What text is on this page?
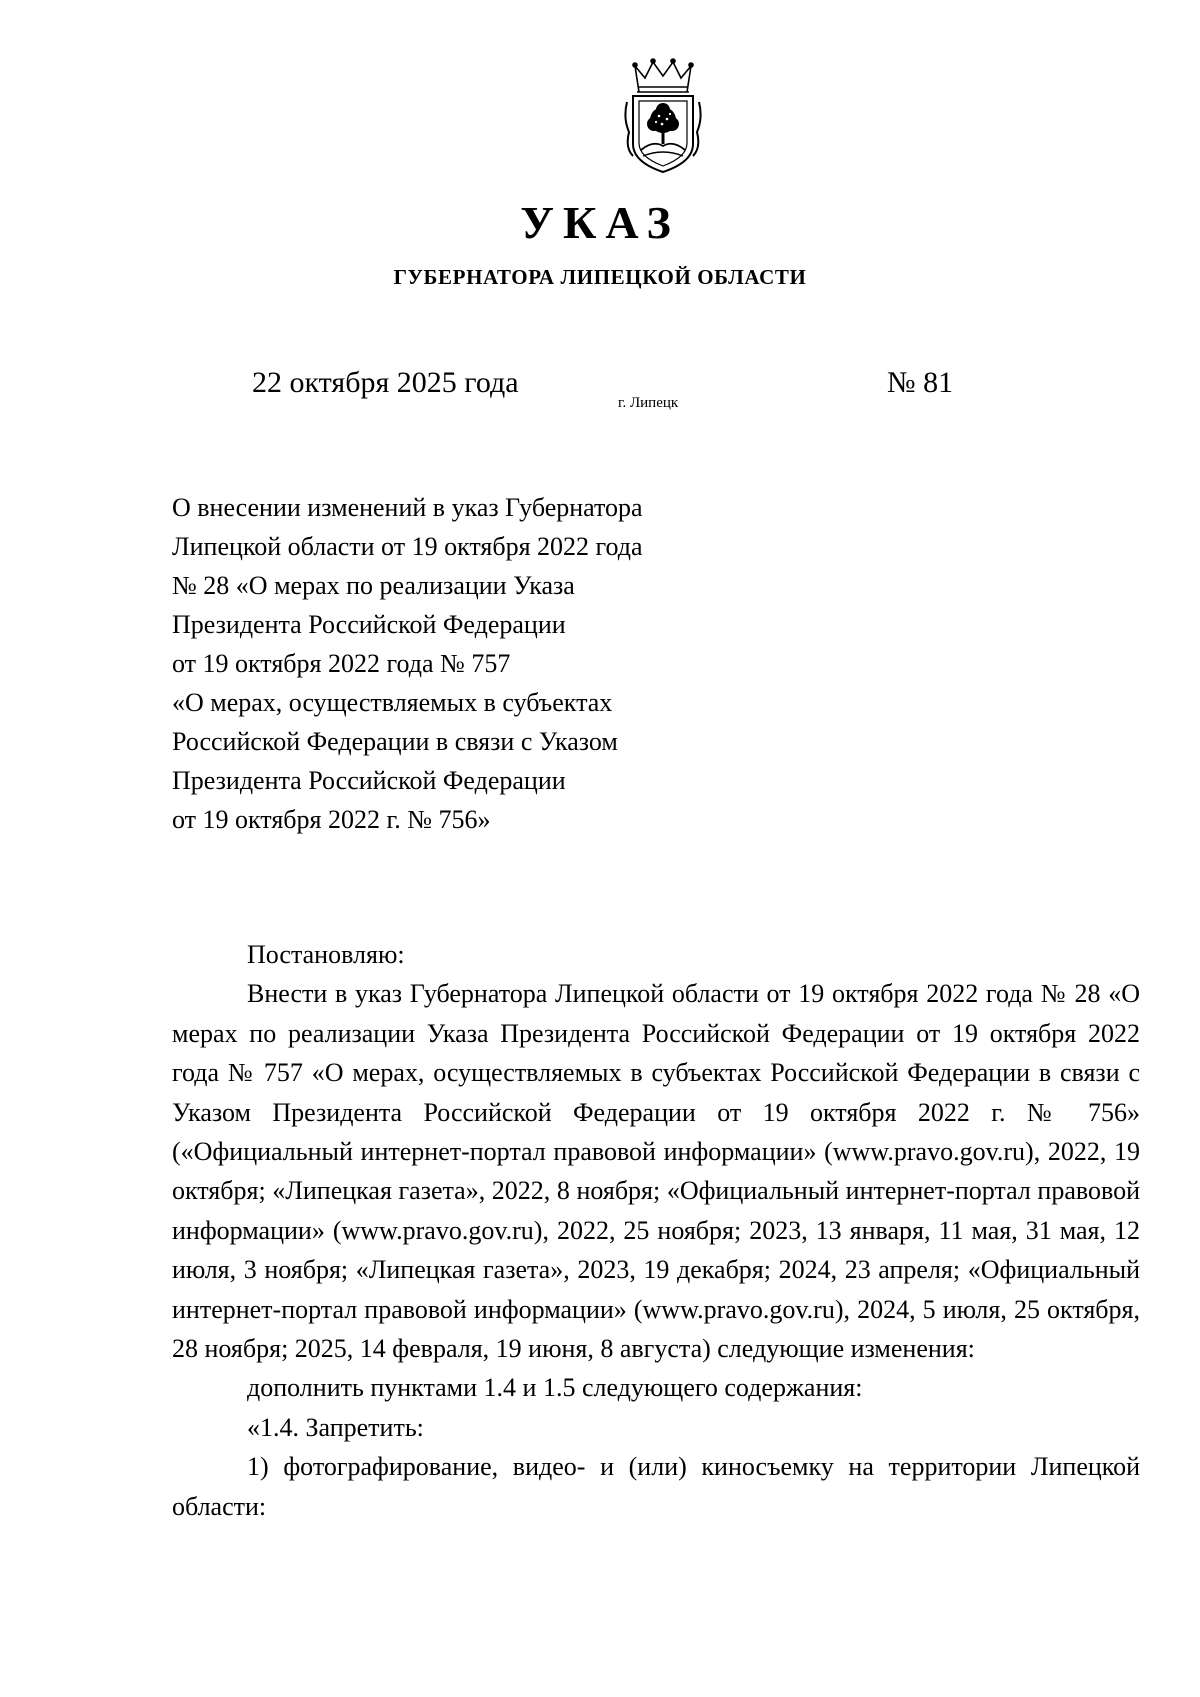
УКАЗ
ГУБЕРНАТОРА ЛИПЕЦКОЙ ОБЛАСТИ
22 октября 2025 года
г. Липецк
№ 81
О внесении изменений в указ Губернатора
Липецкой области от 19 октября 2022 года
№ 28 «О мерах по реализации Указа
Президента Российской Федерации
от 19 октября 2022 года № 757
«О мерах, осуществляемых в субъектах
Российской Федерации в связи с Указом
Президента Российской Федерации
от 19 октября 2022 г. № 756»

Постановляю:

Внести в указ Губернатора Липецкой области от 19 октября 2022 года № 28 «О мерах по реализации Указа Президента Российской Федерации от 19 октября 2022 года № 757 «О мерах, осуществляемых в субъектах Российской Федерации в связи с Указом Президента Российской Федерации от 19 октября 2022 г. № 756» («Официальный интернет-портал правовой информации» (www.pravo.gov.ru), 2022, 19 октября; «Липецкая газета», 2022, 8 ноября; «Официальный интернет-портал правовой информации» (www.pravo.gov.ru), 2022, 25 ноября; 2023, 13 января, 11 мая, 31 мая, 12 июля, 3 ноября; «Липецкая газета», 2023, 19 декабря; 2024, 23 апреля; «Официальный интернет-портал правовой информации» (www.pravo.gov.ru), 2024, 5 июля, 25 октября, 28 ноября; 2025, 14 февраля, 19 июня, 8 августа) следующие изменения:

дополнить пунктами 1.4 и 1.5 следующего содержания:

«1.4. Запретить:

1) фотографирование, видео- и (или) киносъемку на территории Липецкой области:
